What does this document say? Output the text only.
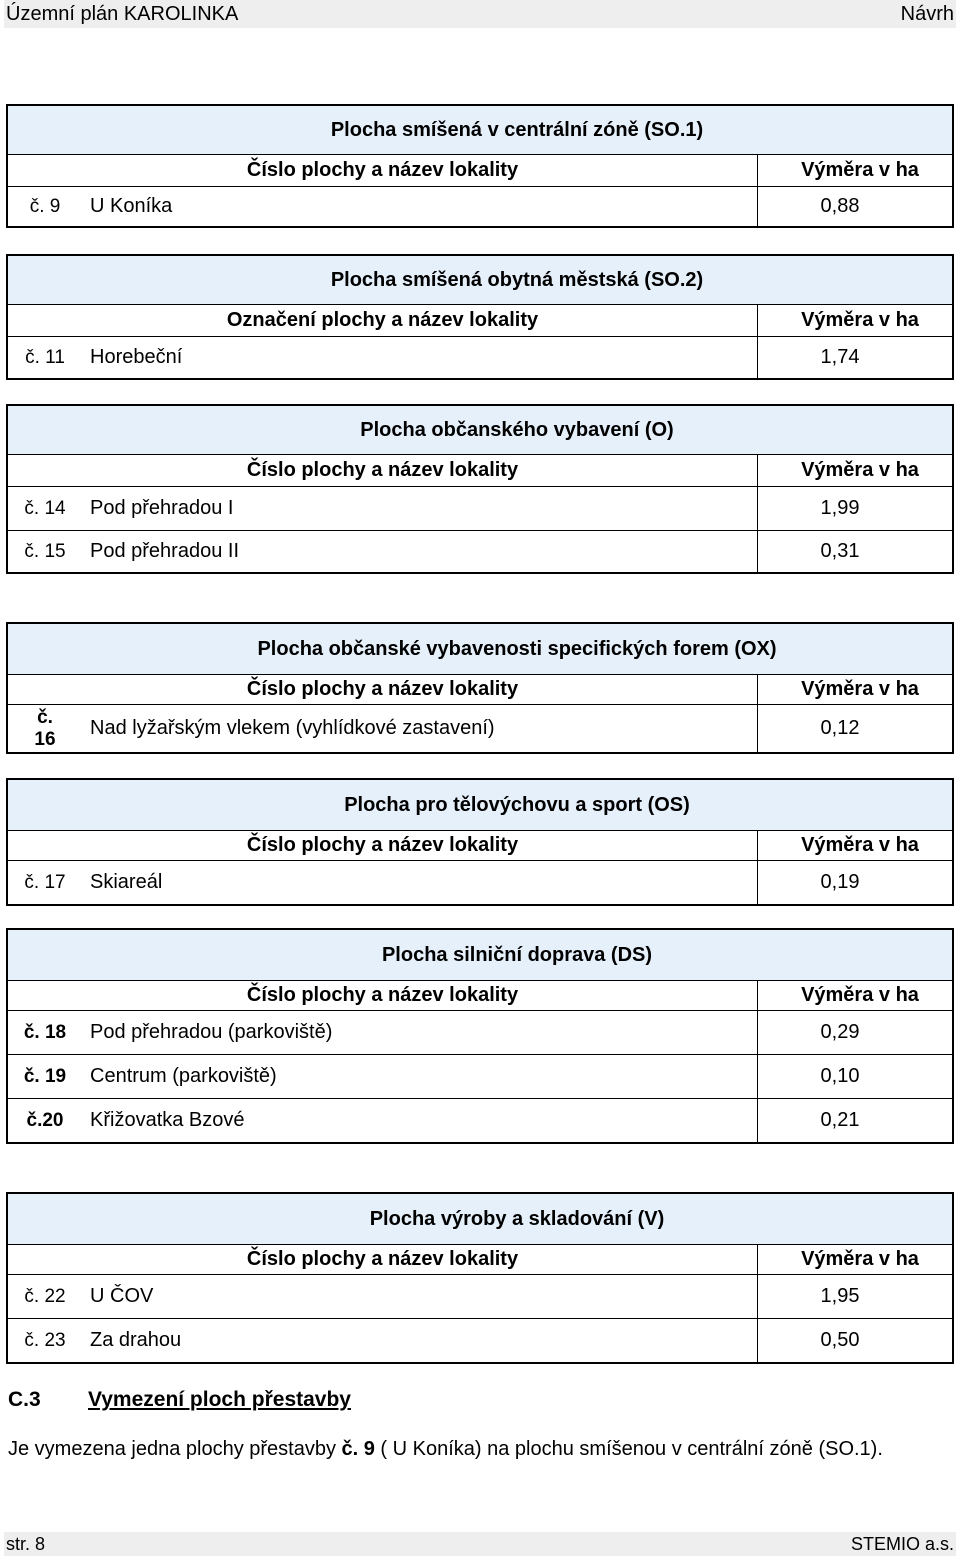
Územní plán KAROLINKA	Návrh
Plocha smíšená v centrální zóně (SO.1)
Číslo plochy a název lokality	Výměra v ha
č. 9	U Koníka	0,88
Plocha smíšená obytná městská (SO.2)
Označení plochy a název lokality	Výměra v ha
č. 11	Horebeční	1,74
Plocha občanského vybavení (O)
Číslo plochy a název lokality	Výměra v ha
č. 14	Pod přehradou I	1,99
č. 15	Pod přehradou II	0,31
Plocha občanské vybavenosti specifických forem (OX)
Číslo plochy a název lokality	Výměra v ha
č.
16	Nad lyžařským vlekem (vyhlídkové zastavení)	0,12
Plocha pro tělovýchovu a sport (OS)
Číslo plochy a název lokality	Výměra v ha
č. 17	Skiareál	0,19
Plocha silniční doprava (DS)
Číslo plochy a název lokality	Výměra v ha
č. 18	Pod přehradou (parkoviště)	0,29
č. 19	Centrum (parkoviště)	0,10
č.20	Křižovatka Bzové	0,21
Plocha výroby a skladování (V)
Číslo plochy a název lokality	Výměra v ha
č. 22	U ČOV	1,95
č. 23	Za drahou	0,50
C.3 Vymezení ploch přestavby
Je vymezena jedna plochy přestavby č. 9 ( U Koníka) na plochu smíšenou v centrální zóně (SO.1).
str. 8	STEMIO a.s.
